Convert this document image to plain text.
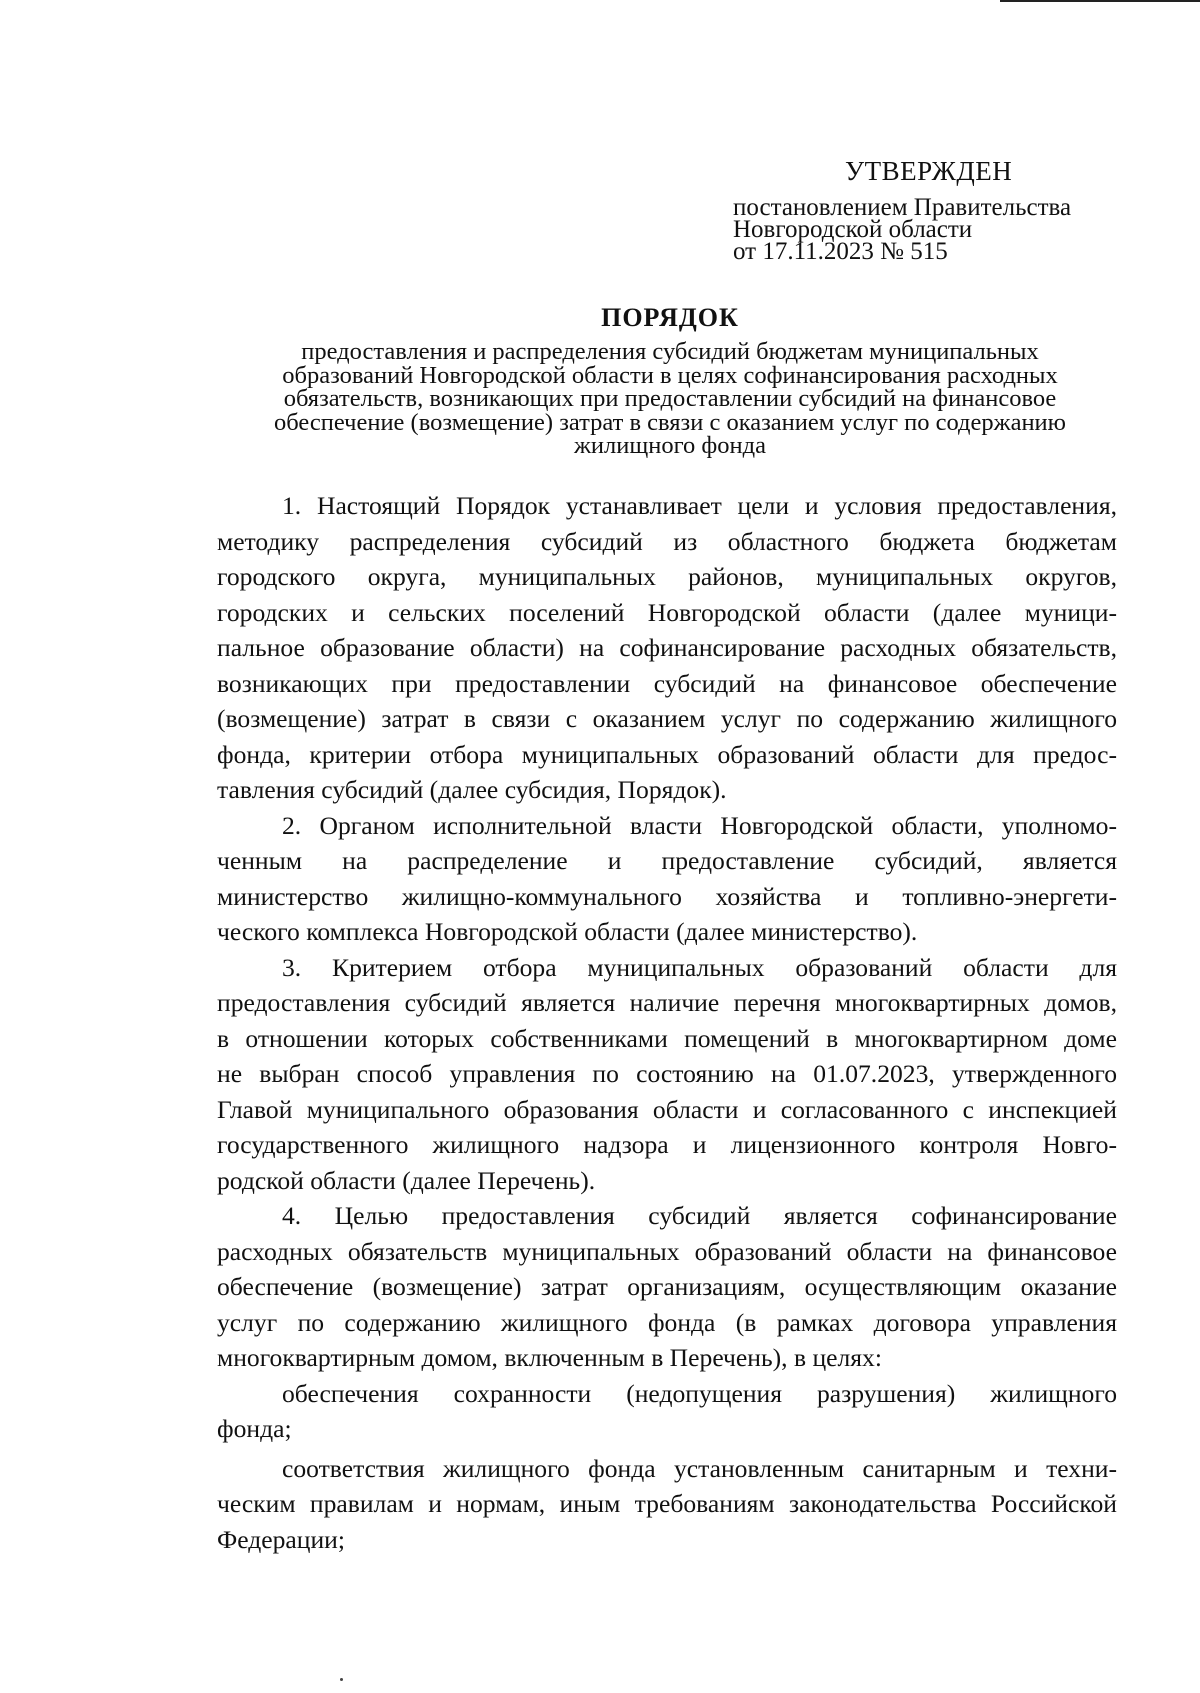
УТВЕРЖДЕН
постановлением Правительства
Новгородской области
от 17.11.2023 № 515
ПОРЯДОК
предоставления и распределения субсидий бюджетам муниципальных
образований Новгородской области в целях софинансирования расходных
обязательств, возникающих при предоставлении субсидий на финансовое
обеспечение (возмещение) затрат в связи с оказанием услуг по содержанию
жилищного фонда
1. Настоящий Порядок устанавливает цели и условия предоставления,
методику распределения субсидий из областного бюджета бюджетам
городского округа, муниципальных районов, муниципальных округов,
городских и сельских поселений Новгородской области (далее муници-
пальное образование области) на софинансирование расходных обязательств,
возникающих при предоставлении субсидий на финансовое обеспечение
(возмещение) затрат в связи с оказанием услуг по содержанию жилищного
фонда, критерии отбора муниципальных образований области для предос-
тавления субсидий (далее субсидия, Порядок).
2. Органом исполнительной власти Новгородской области, уполномо-
ченным на распределение и предоставление субсидий, является
министерство жилищно-коммунального хозяйства и топливно-энергети-
ческого комплекса Новгородской области (далее министерство).
3. Критерием отбора муниципальных образований области для
предоставления субсидий является наличие перечня многоквартирных домов,
в отношении которых собственниками помещений в многоквартирном доме
не выбран способ управления по состоянию на 01.07.2023, утвержденного
Главой муниципального образования области и согласованного с инспекцией
государственного жилищного надзора и лицензионного контроля Новго-
родской области (далее Перечень).
4. Целью предоставления субсидий является софинансирование
расходных обязательств муниципальных образований области на финансовое
обеспечение (возмещение) затрат организациям, осуществляющим оказание
услуг по содержанию жилищного фонда (в рамках договора управления
многоквартирным домом, включенным в Перечень), в целях:
обеспечения сохранности (недопущения разрушения) жилищного
фонда;
соответствия жилищного фонда установленным санитарным и техни-
ческим правилам и нормам, иным требованиям законодательства Российской
Федерации;
